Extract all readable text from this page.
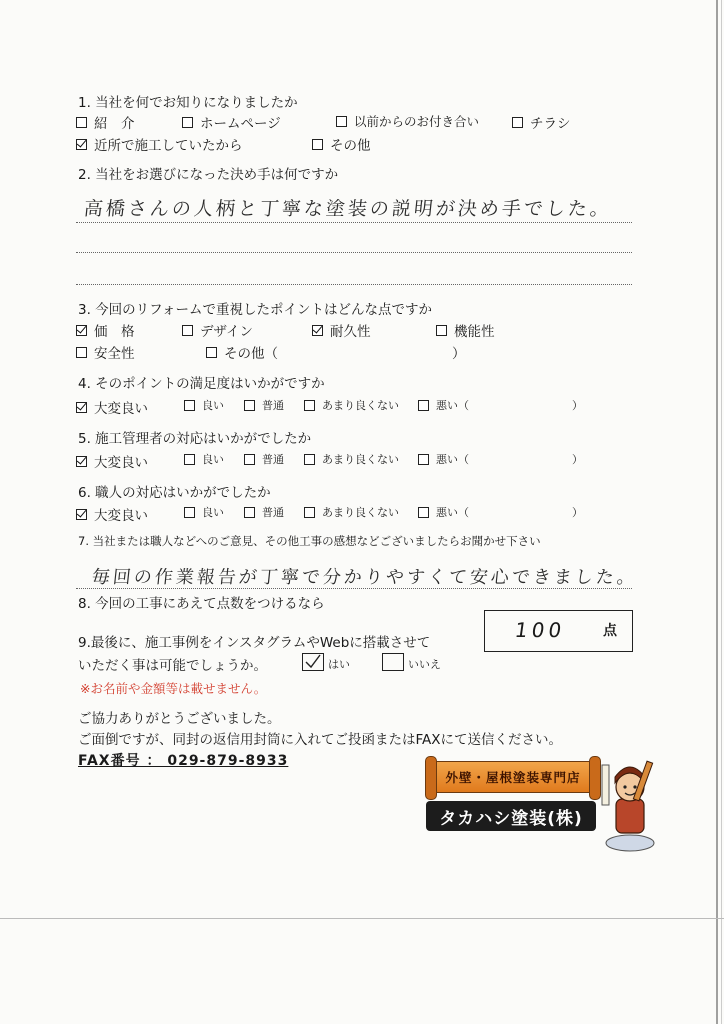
1. 当社を何でお知りになりましたか
紹　介	ホームページ	以前からのお付き合い	チラシ
近所で施工していたから	その他
2. 当社をお選びになった決め手は何ですか
高橋さんの人柄と丁寧な塗装の説明が決め手でした。
3. 今回のリフォームで重視したポイントはどんな点ですか
価　格	デザイン	耐久性	機能性
安全性	その他（	）
4. そのポイントの満足度はいかがですか
大変良い	良い	普通	あまり良くない	悪い（	）
5. 施工管理者の対応はいかがでしたか
大変良い	良い	普通	あまり良くない	悪い（	）
6. 職人の対応はいかがでしたか
大変良い	良い	普通	あまり良くない	悪い（	）
7. 当社または職人などへのご意見、その他工事の感想などございましたらお聞かせ下さい
毎回の作業報告が丁寧で分かりやすくて安心できました。
8. 今回の工事にあえて点数をつけるなら
100	点
9.最後に、施工事例をインスタグラムやWebに搭載させて
いただく事は可能でしょうか。	はい	いいえ
※お名前や金額等は載せません。
ご協力ありがとうございました。
ご面倒ですが、同封の返信用封筒に入れてご投函またはFAXにて送信ください。
FAX番号 ： 029-879-8933
外壁・屋根塗装専門店
タカハシ塗装(株)
